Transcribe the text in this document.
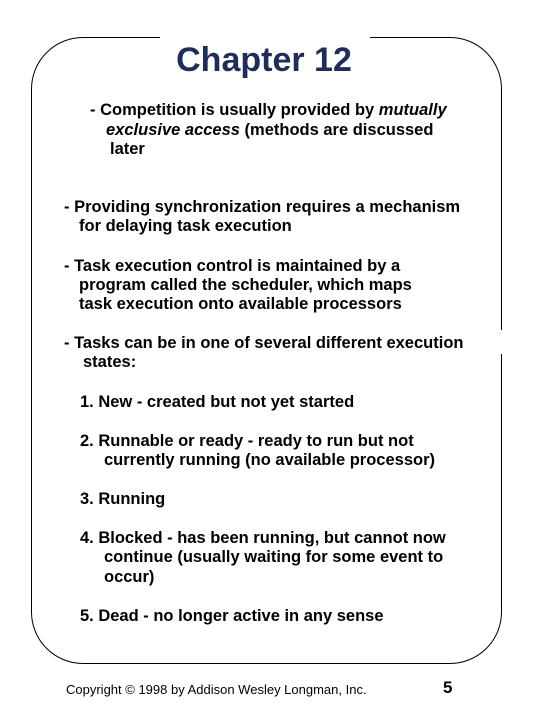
Chapter 12
- Competition is usually provided by mutually
exclusive access (methods are discussed
later
- Providing synchronization requires a mechanism
for delaying task execution
- Task execution control is maintained by a
program called the scheduler, which maps
task execution onto available processors
- Tasks can be in one of several different execution
states:
1. New - created but not yet started
2. Runnable or ready - ready to run but not
currently running (no available processor)
3. Running
4. Blocked - has been running, but cannot now
continue (usually waiting for some event to
occur)
5. Dead - no longer active in any sense
Copyright © 1998 by Addison Wesley Longman, Inc.	5
